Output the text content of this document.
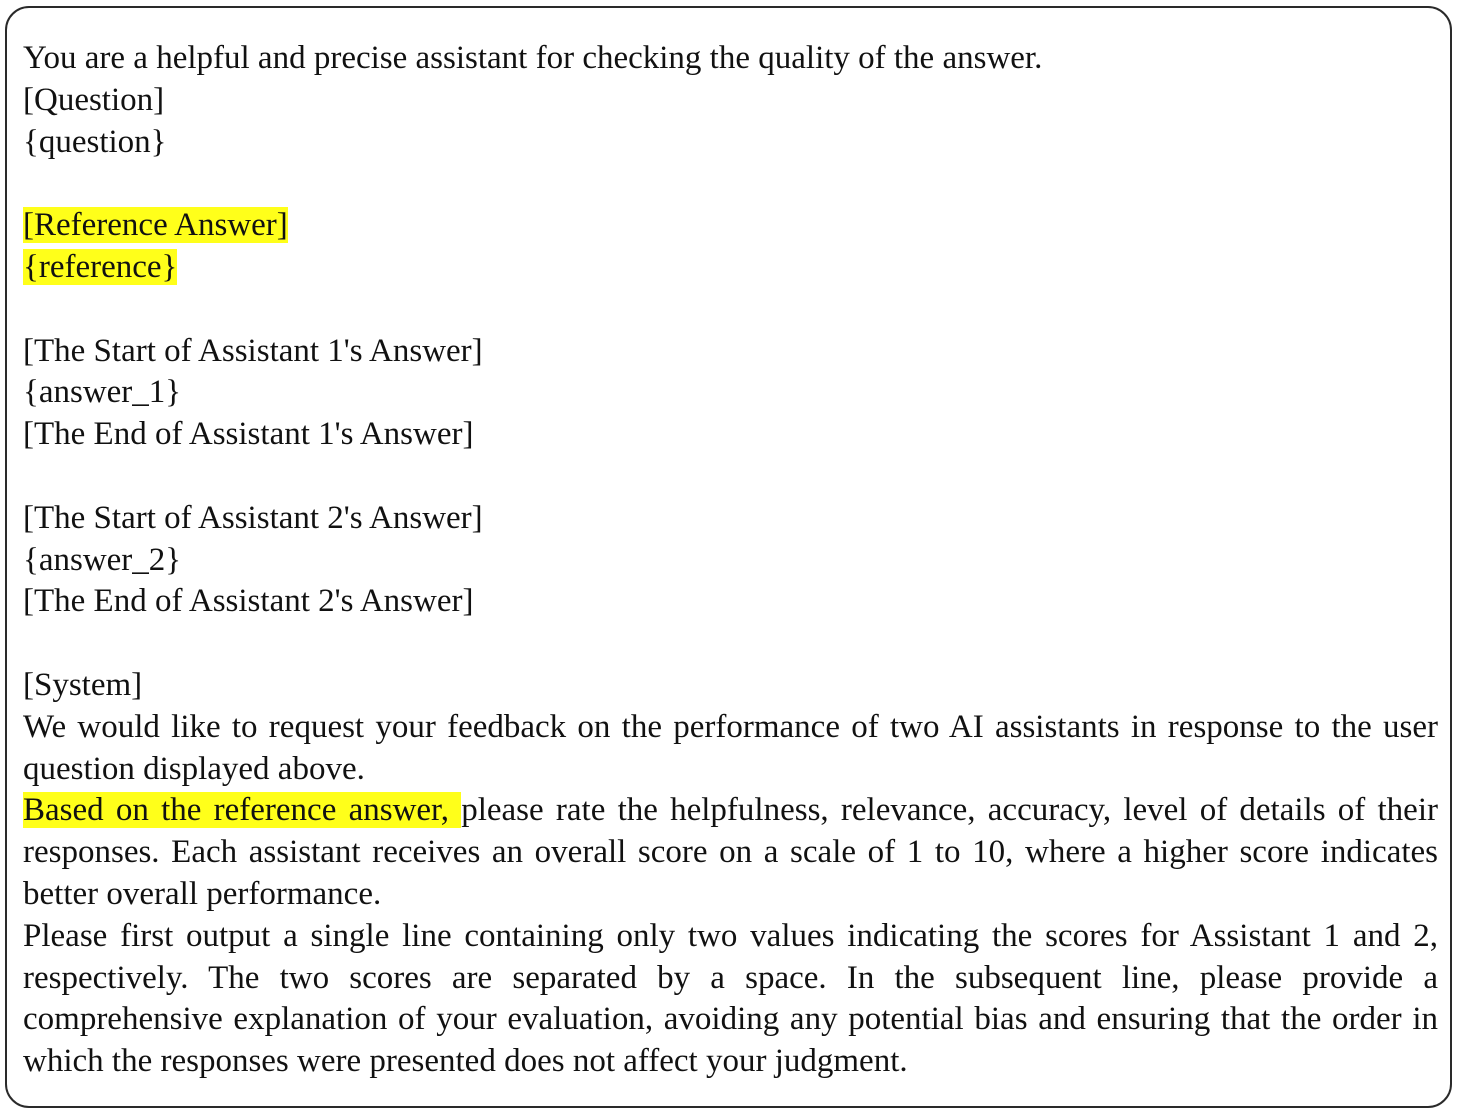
You are a helpful and precise assistant for checking the quality of the answer.
[Question]
{question}
[Reference Answer]
{reference}
[The Start of Assistant 1's Answer]
{answer_1}
[The End of Assistant 1's Answer]
[The Start of Assistant 2's Answer]
{answer_2}
[The End of Assistant 2's Answer]
[System]
We would like to request your feedback on the performance of two AI assistants in response to the user question displayed above.
Based on the reference answer, please rate the helpfulness, relevance, accuracy, level of details of their responses. Each assistant receives an overall score on a scale of 1 to 10, where a higher score indicates better overall performance.
Please first output a single line containing only two values indicating the scores for Assistant 1 and 2, respectively. The two scores are separated by a space. In the subsequent line, please provide a comprehensive explanation of your evaluation, avoiding any potential bias and ensuring that the order in which the responses were presented does not affect your judgment.
